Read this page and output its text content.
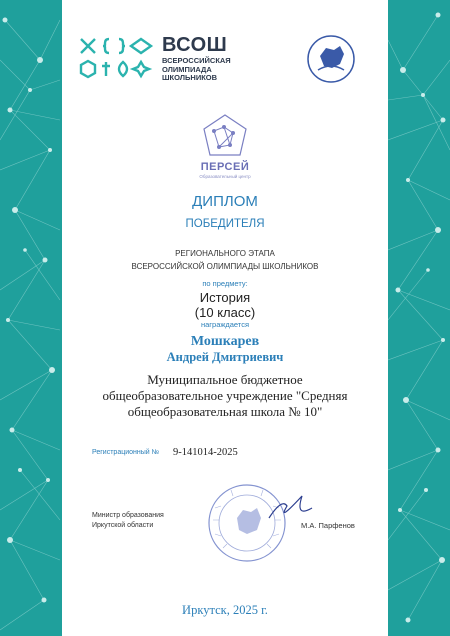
ВСОШ
ВСЕРОССИЙСКАЯ
ОЛИМПИАДА
ШКОЛЬНИКОВ
ПЕРСЕЙ
Образовательный центр
ДИПЛОМ
ПОБЕДИТЕЛЯ
РЕГИОНАЛЬНОГО ЭТАПА
ВСЕРОССИЙСКОЙ ОЛИМПИАДЫ ШКОЛЬНИКОВ
по предмету:
История
(10 класс)
награждается
Мошкарев
Андрей Дмитриевич
Муниципальное бюджетное
общеобразовательное учреждение "Средняя
общеобразовательная школа № 10"
Регистрационный № 9-141014-2025
Министр образования
Иркутской области	М.А. Парфенов
Иркутск, 2025 г.
